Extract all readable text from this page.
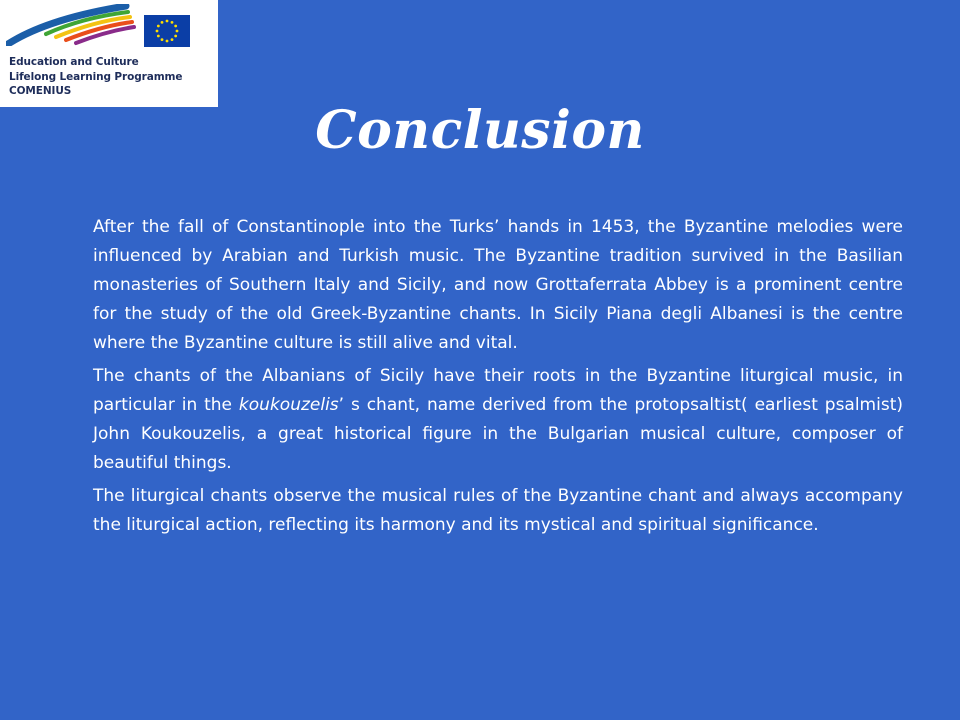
Education and Culture
Lifelong Learning Programme
COMENIUS
Conclusion

After the fall of Constantinople into the Turks’ hands in 1453, the Byzantine melodies were influenced by Arabian and Turkish music. The Byzantine tradition survived in the Basilian monasteries of Southern Italy and Sicily, and now Grottaferrata Abbey is a prominent centre for the study of the old Greek-Byzantine chants. In Sicily Piana degli Albanesi is the centre where the Byzantine culture is still alive and vital.

The chants of the Albanians of Sicily have their roots in the Byzantine liturgical music, in particular in the koukouzelis’ s chant, name derived from the protopsaltist( earliest psalmist) John Koukouzelis, a great historical figure in the Bulgarian musical culture, composer of beautiful things.

The liturgical chants observe the musical rules of the Byzantine chant and always accompany the liturgical action, reflecting its harmony and its mystical and spiritual significance.
